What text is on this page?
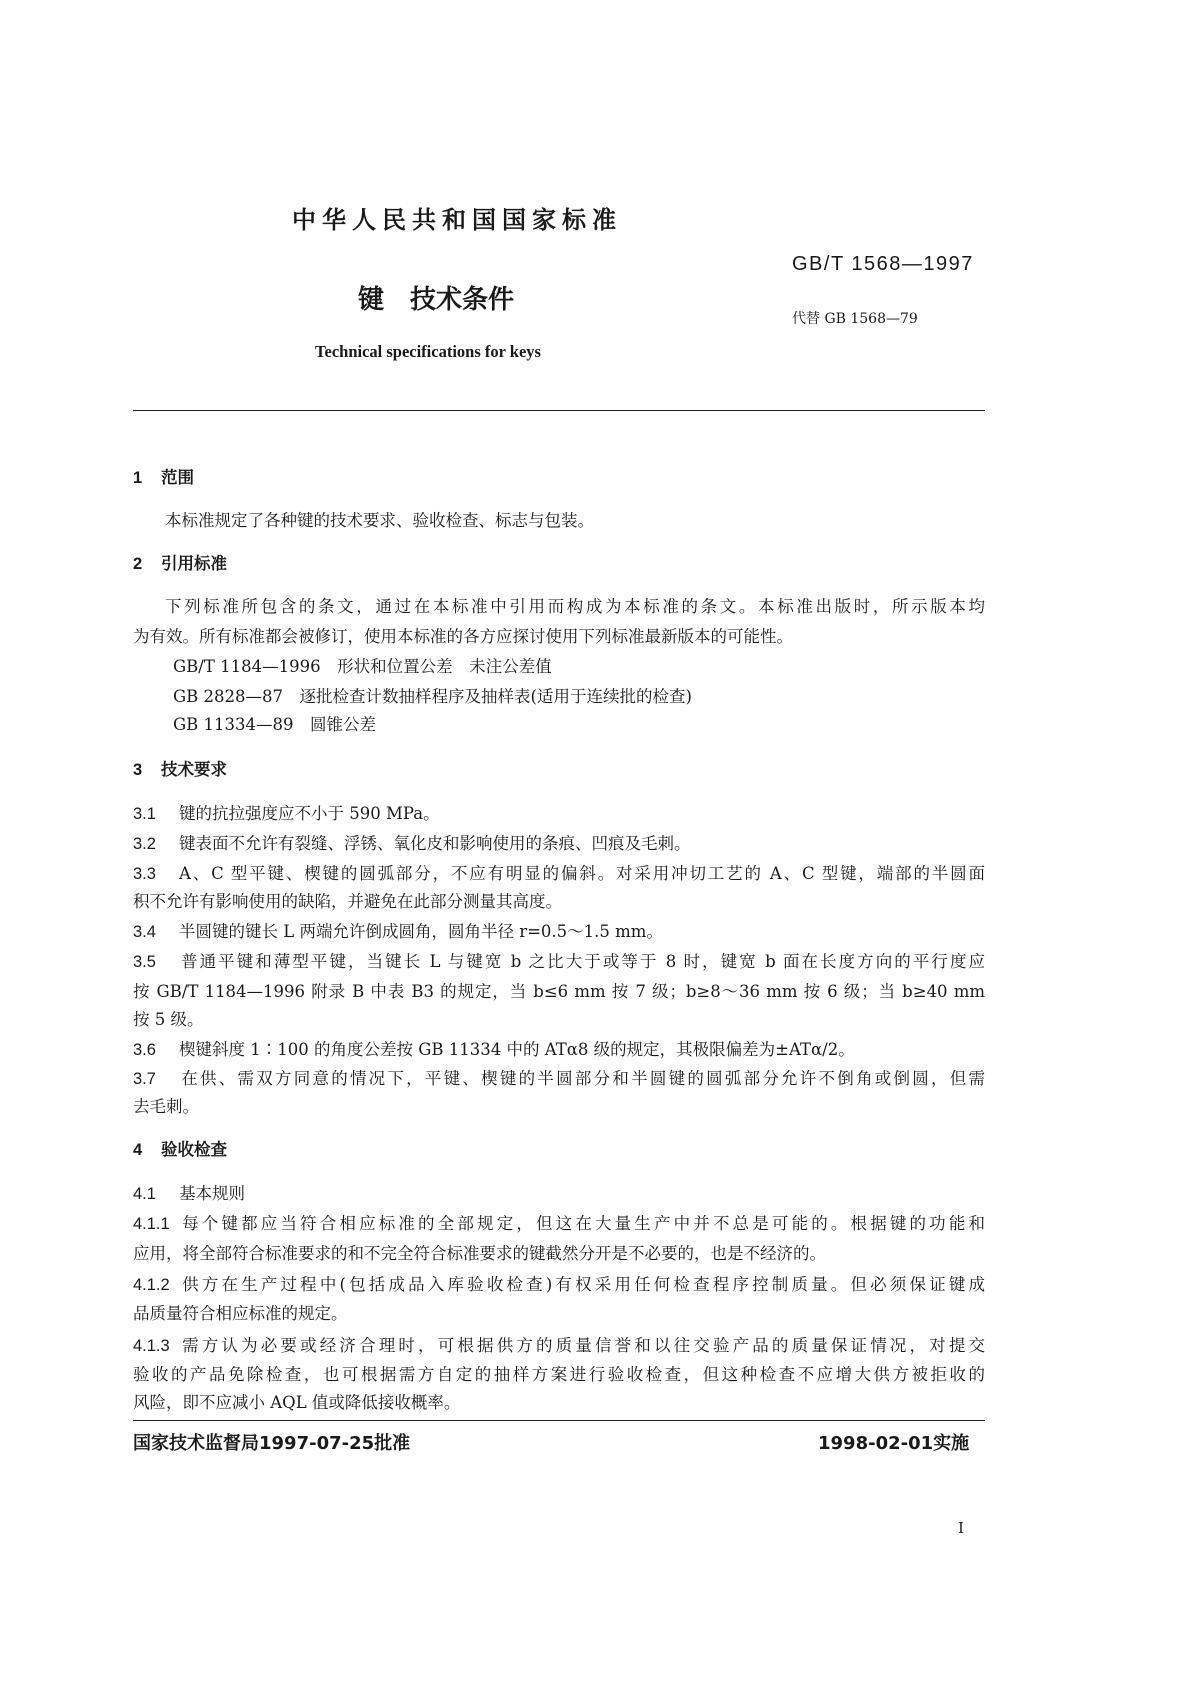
中华人民共和国国家标准
GB/T 1568—1997
键　技术条件
代替 GB 1568—79
Technical specifications for keys
1 范围
本标准规定了各种键的技术要求、验收检查、标志与包装。
2 引用标准
下列标准所包含的条文，通过在本标准中引用而构成为本标准的条文。本标准出版时，所示版本均
为有效。所有标准都会被修订，使用本标准的各方应探讨使用下列标准最新版本的可能性。
GB/T 1184—1996　形状和位置公差　未注公差值
GB 2828—87　逐批检查计数抽样程序及抽样表(适用于连续批的检查)
GB 11334—89　圆锥公差
3 技术要求
3.1 键的抗拉强度应不小于 590 MPa。
3.2 键表面不允许有裂缝、浮锈、氧化皮和影响使用的条痕、凹痕及毛刺。
3.3 A、C 型平键、楔键的圆弧部分，不应有明显的偏斜。对采用冲切工艺的 A、C 型键，端部的半圆面
积不允许有影响使用的缺陷，并避免在此部分测量其高度。
3.4 半圆键的键长 L 两端允许倒成圆角，圆角半径 r=0.5～1.5 mm。
3.5 普通平键和薄型平键，当键长 L 与键宽 b 之比大于或等于 8 时，键宽 b 面在长度方向的平行度应
按 GB/T 1184—1996 附录 B 中表 B3 的规定，当 b≤6 mm 按 7 级；b≥8～36 mm 按 6 级；当 b≥40 mm
按 5 级。
3.6 楔键斜度 1∶100 的角度公差按 GB 11334 中的 ATα8 级的规定，其极限偏差为±ATα/2。
3.7 在供、需双方同意的情况下，平键、楔键的半圆部分和半圆键的圆弧部分允许不倒角或倒圆，但需
去毛刺。
4 验收检查
4.1 基本规则
4.1.1 每个键都应当符合相应标准的全部规定，但这在大量生产中并不总是可能的。根据键的功能和
应用，将全部符合标准要求的和不完全符合标准要求的键截然分开是不必要的，也是不经济的。
4.1.2 供方在生产过程中(包括成品入库验收检查)有权采用任何检查程序控制质量。但必须保证键成
品质量符合相应标准的规定。
4.1.3 需方认为必要或经济合理时，可根据供方的质量信誉和以往交验产品的质量保证情况，对提交
验收的产品免除检查，也可根据需方自定的抽样方案进行验收检查，但这种检查不应增大供方被拒收的
风险，即不应减小 AQL 值或降低接收概率。
国家技术监督局1997-07-25批准	1998-02-01实施
I
